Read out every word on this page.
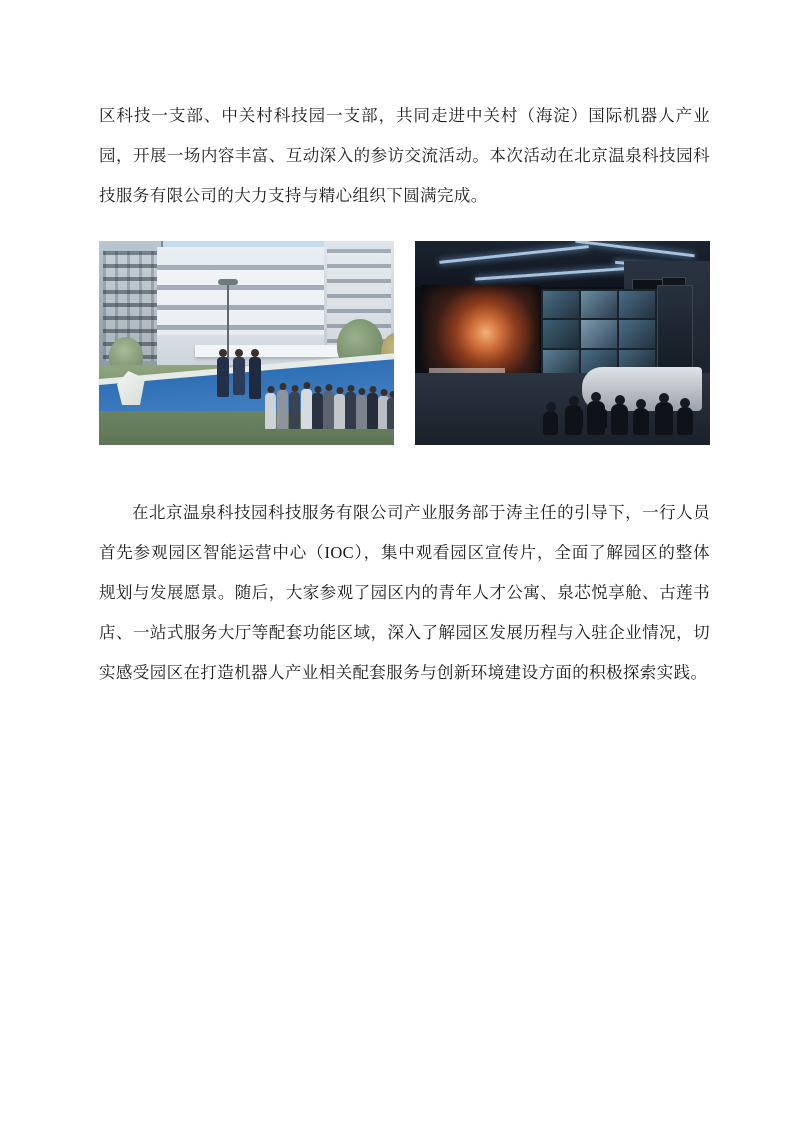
区科技一支部、中关村科技园一支部，共同走进中关村（海淀）国际机器人产业园，开展一场内容丰富、互动深入的参访交流活动。本次活动在北京温泉科技园科技服务有限公司的大力支持与精心组织下圆满完成。

在北京温泉科技园科技服务有限公司产业服务部于涛主任的引导下，一行人员首先参观园区智能运营中心（IOC），集中观看园区宣传片，全面了解园区的整体规划与发展愿景。随后，大家参观了园区内的青年人才公寓、泉芯悦享舱、古莲书店、一站式服务大厅等配套功能区域，深入了解园区发展历程与入驻企业情况，切实感受园区在打造机器人产业相关配套服务与创新环境建设方面的积极探索实践。
